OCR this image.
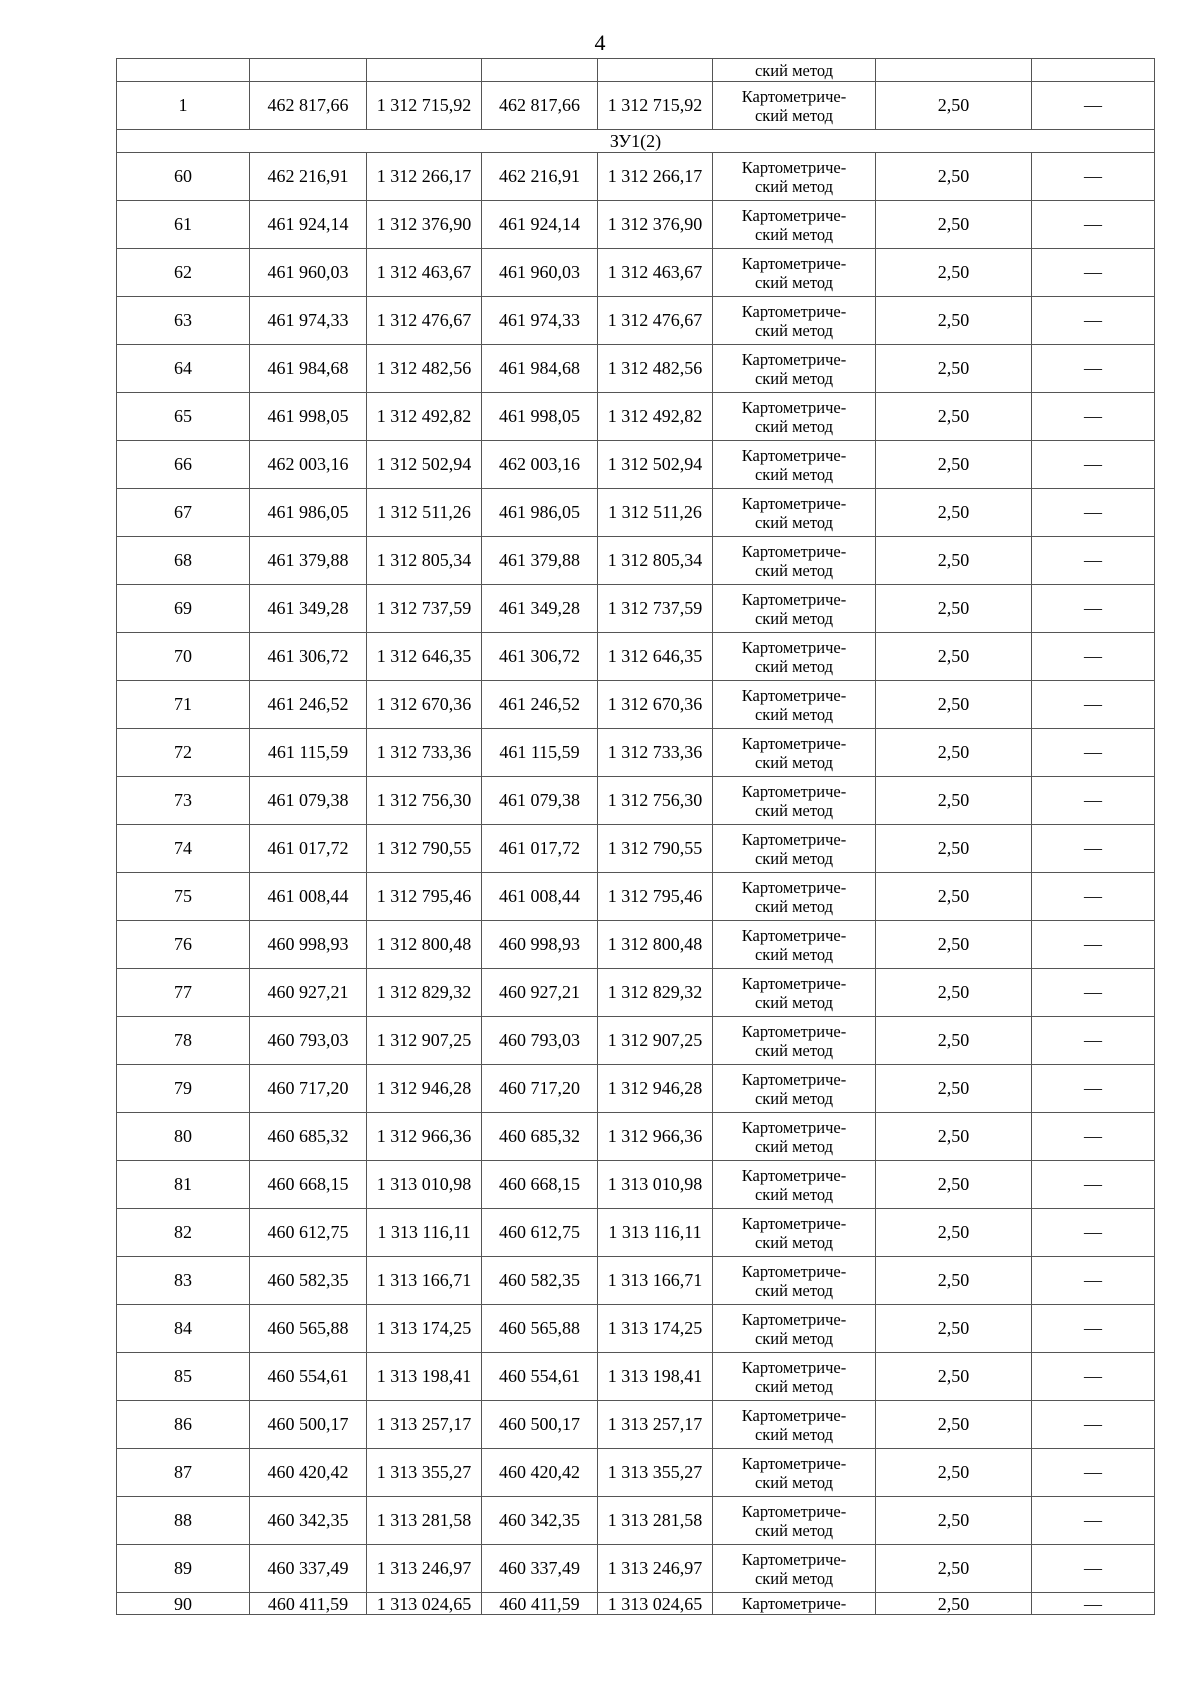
4
					ский метод		
1	462 817,66	1 312 715,92	462 817,66	1 312 715,92	Картометриче-
ский метод	2,50	—
ЗУ1(2)							
60	462 216,91	1 312 266,17	462 216,91	1 312 266,17	Картометриче-
ский метод	2,50	—
61	461 924,14	1 312 376,90	461 924,14	1 312 376,90	Картометриче-
ский метод	2,50	—
62	461 960,03	1 312 463,67	461 960,03	1 312 463,67	Картометриче-
ский метод	2,50	—
63	461 974,33	1 312 476,67	461 974,33	1 312 476,67	Картометриче-
ский метод	2,50	—
64	461 984,68	1 312 482,56	461 984,68	1 312 482,56	Картометриче-
ский метод	2,50	—
65	461 998,05	1 312 492,82	461 998,05	1 312 492,82	Картометриче-
ский метод	2,50	—
66	462 003,16	1 312 502,94	462 003,16	1 312 502,94	Картометриче-
ский метод	2,50	—
67	461 986,05	1 312 511,26	461 986,05	1 312 511,26	Картометриче-
ский метод	2,50	—
68	461 379,88	1 312 805,34	461 379,88	1 312 805,34	Картометриче-
ский метод	2,50	—
69	461 349,28	1 312 737,59	461 349,28	1 312 737,59	Картометриче-
ский метод	2,50	—
70	461 306,72	1 312 646,35	461 306,72	1 312 646,35	Картометриче-
ский метод	2,50	—
71	461 246,52	1 312 670,36	461 246,52	1 312 670,36	Картометриче-
ский метод	2,50	—
72	461 115,59	1 312 733,36	461 115,59	1 312 733,36	Картометриче-
ский метод	2,50	—
73	461 079,38	1 312 756,30	461 079,38	1 312 756,30	Картометриче-
ский метод	2,50	—
74	461 017,72	1 312 790,55	461 017,72	1 312 790,55	Картометриче-
ский метод	2,50	—
75	461 008,44	1 312 795,46	461 008,44	1 312 795,46	Картометриче-
ский метод	2,50	—
76	460 998,93	1 312 800,48	460 998,93	1 312 800,48	Картометриче-
ский метод	2,50	—
77	460 927,21	1 312 829,32	460 927,21	1 312 829,32	Картометриче-
ский метод	2,50	—
78	460 793,03	1 312 907,25	460 793,03	1 312 907,25	Картометриче-
ский метод	2,50	—
79	460 717,20	1 312 946,28	460 717,20	1 312 946,28	Картометриче-
ский метод	2,50	—
80	460 685,32	1 312 966,36	460 685,32	1 312 966,36	Картометриче-
ский метод	2,50	—
81	460 668,15	1 313 010,98	460 668,15	1 313 010,98	Картометриче-
ский метод	2,50	—
82	460 612,75	1 313 116,11	460 612,75	1 313 116,11	Картометриче-
ский метод	2,50	—
83	460 582,35	1 313 166,71	460 582,35	1 313 166,71	Картометриче-
ский метод	2,50	—
84	460 565,88	1 313 174,25	460 565,88	1 313 174,25	Картометриче-
ский метод	2,50	—
85	460 554,61	1 313 198,41	460 554,61	1 313 198,41	Картометриче-
ский метод	2,50	—
86	460 500,17	1 313 257,17	460 500,17	1 313 257,17	Картометриче-
ский метод	2,50	—
87	460 420,42	1 313 355,27	460 420,42	1 313 355,27	Картометриче-
ский метод	2,50	—
88	460 342,35	1 313 281,58	460 342,35	1 313 281,58	Картометриче-
ский метод	2,50	—
89	460 337,49	1 313 246,97	460 337,49	1 313 246,97	Картометриче-
ский метод	2,50	—
90	460 411,59	1 313 024,65	460 411,59	1 313 024,65	Картометриче-	2,50	—
